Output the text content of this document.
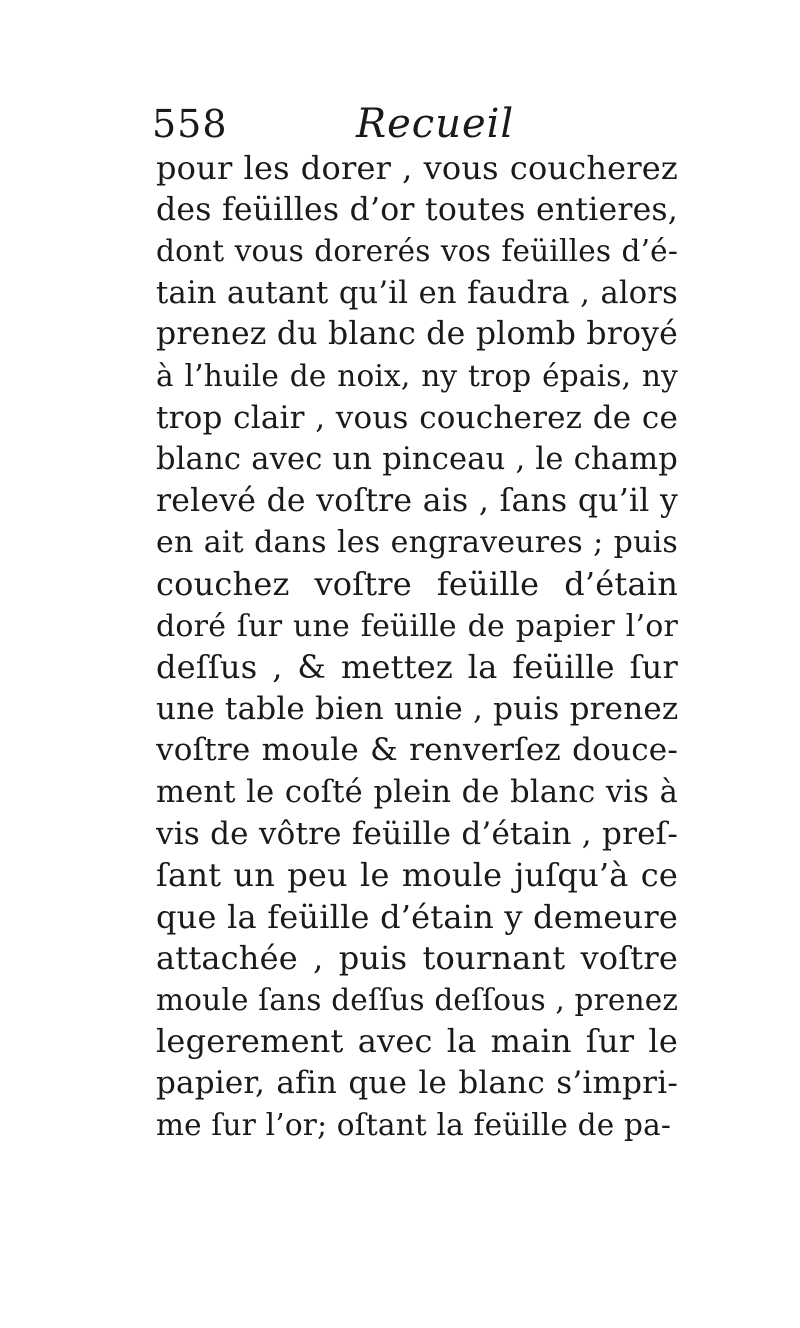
558	Recueil
pour les dorer , vous coucherez
des feüilles d’or toutes entieres,
dont vous dorerés vos feüilles d’é-
tain autant qu’il en faudra , alors
prenez du blanc de plomb broyé
à l’huile de noix, ny trop épais, ny
trop clair , vous coucherez de ce
blanc avec un pinceau , le champ
relevé de voſtre ais , ſans qu’il y
en ait dans les engraveures ; puis
couchez voſtre feüille d’étain
doré ſur une feüille de papier l’or
deſſus , & mettez la feüille ſur
une table bien unie , puis prenez
voſtre moule & renverſez douce-
ment le coſté plein de blanc vis à
vis de vôtre feüille d’étain , preſ-
ſant un peu le moule juſqu’à ce
que la feüille d’étain y demeure
attachée , puis tournant voſtre
moule ſans deſſus deſſous , prenez
legerement avec la main ſur le
papier, afin que le blanc s’impri-
me ſur l’or; oſtant la feüille de pa-
